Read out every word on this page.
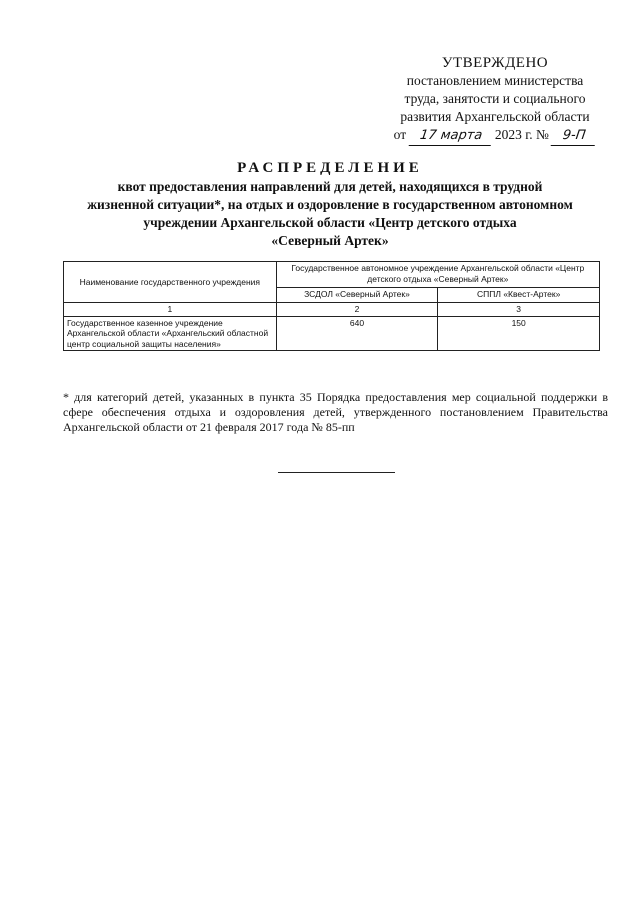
УТВЕРЖДЕНО
постановлением министерства
труда, занятости и социального
развития Архангельской области
от 17 марта 2023 г. № 9-П
РАСПРЕДЕЛЕНИЕ
квот предоставления направлений для детей, находящихся в трудной
жизненной ситуации*, на отдых и оздоровление в государственном автономном
учреждении Архангельской области «Центр детского отдыха
«Северный Артек»
Наименование государственного учреждения	Государственное автономное учреждение Архангельской области «Центр детского отдыха «Северный Артек»	
	ЗСДОЛ «Северный Артек»	СППЛ «Квест-Артек»
1	2	3
Государственное казенное учреждение Архангельской области «Архангельский областной центр социальной защиты населения»	640	150
* для категорий детей, указанных в пункта 35 Порядка предоставления мер социальной поддержки в сфере обеспечения отдыха и оздоровления детей, утвержденного постановлением Правительства Архангельской области от 21 февраля 2017 года № 85-пп
